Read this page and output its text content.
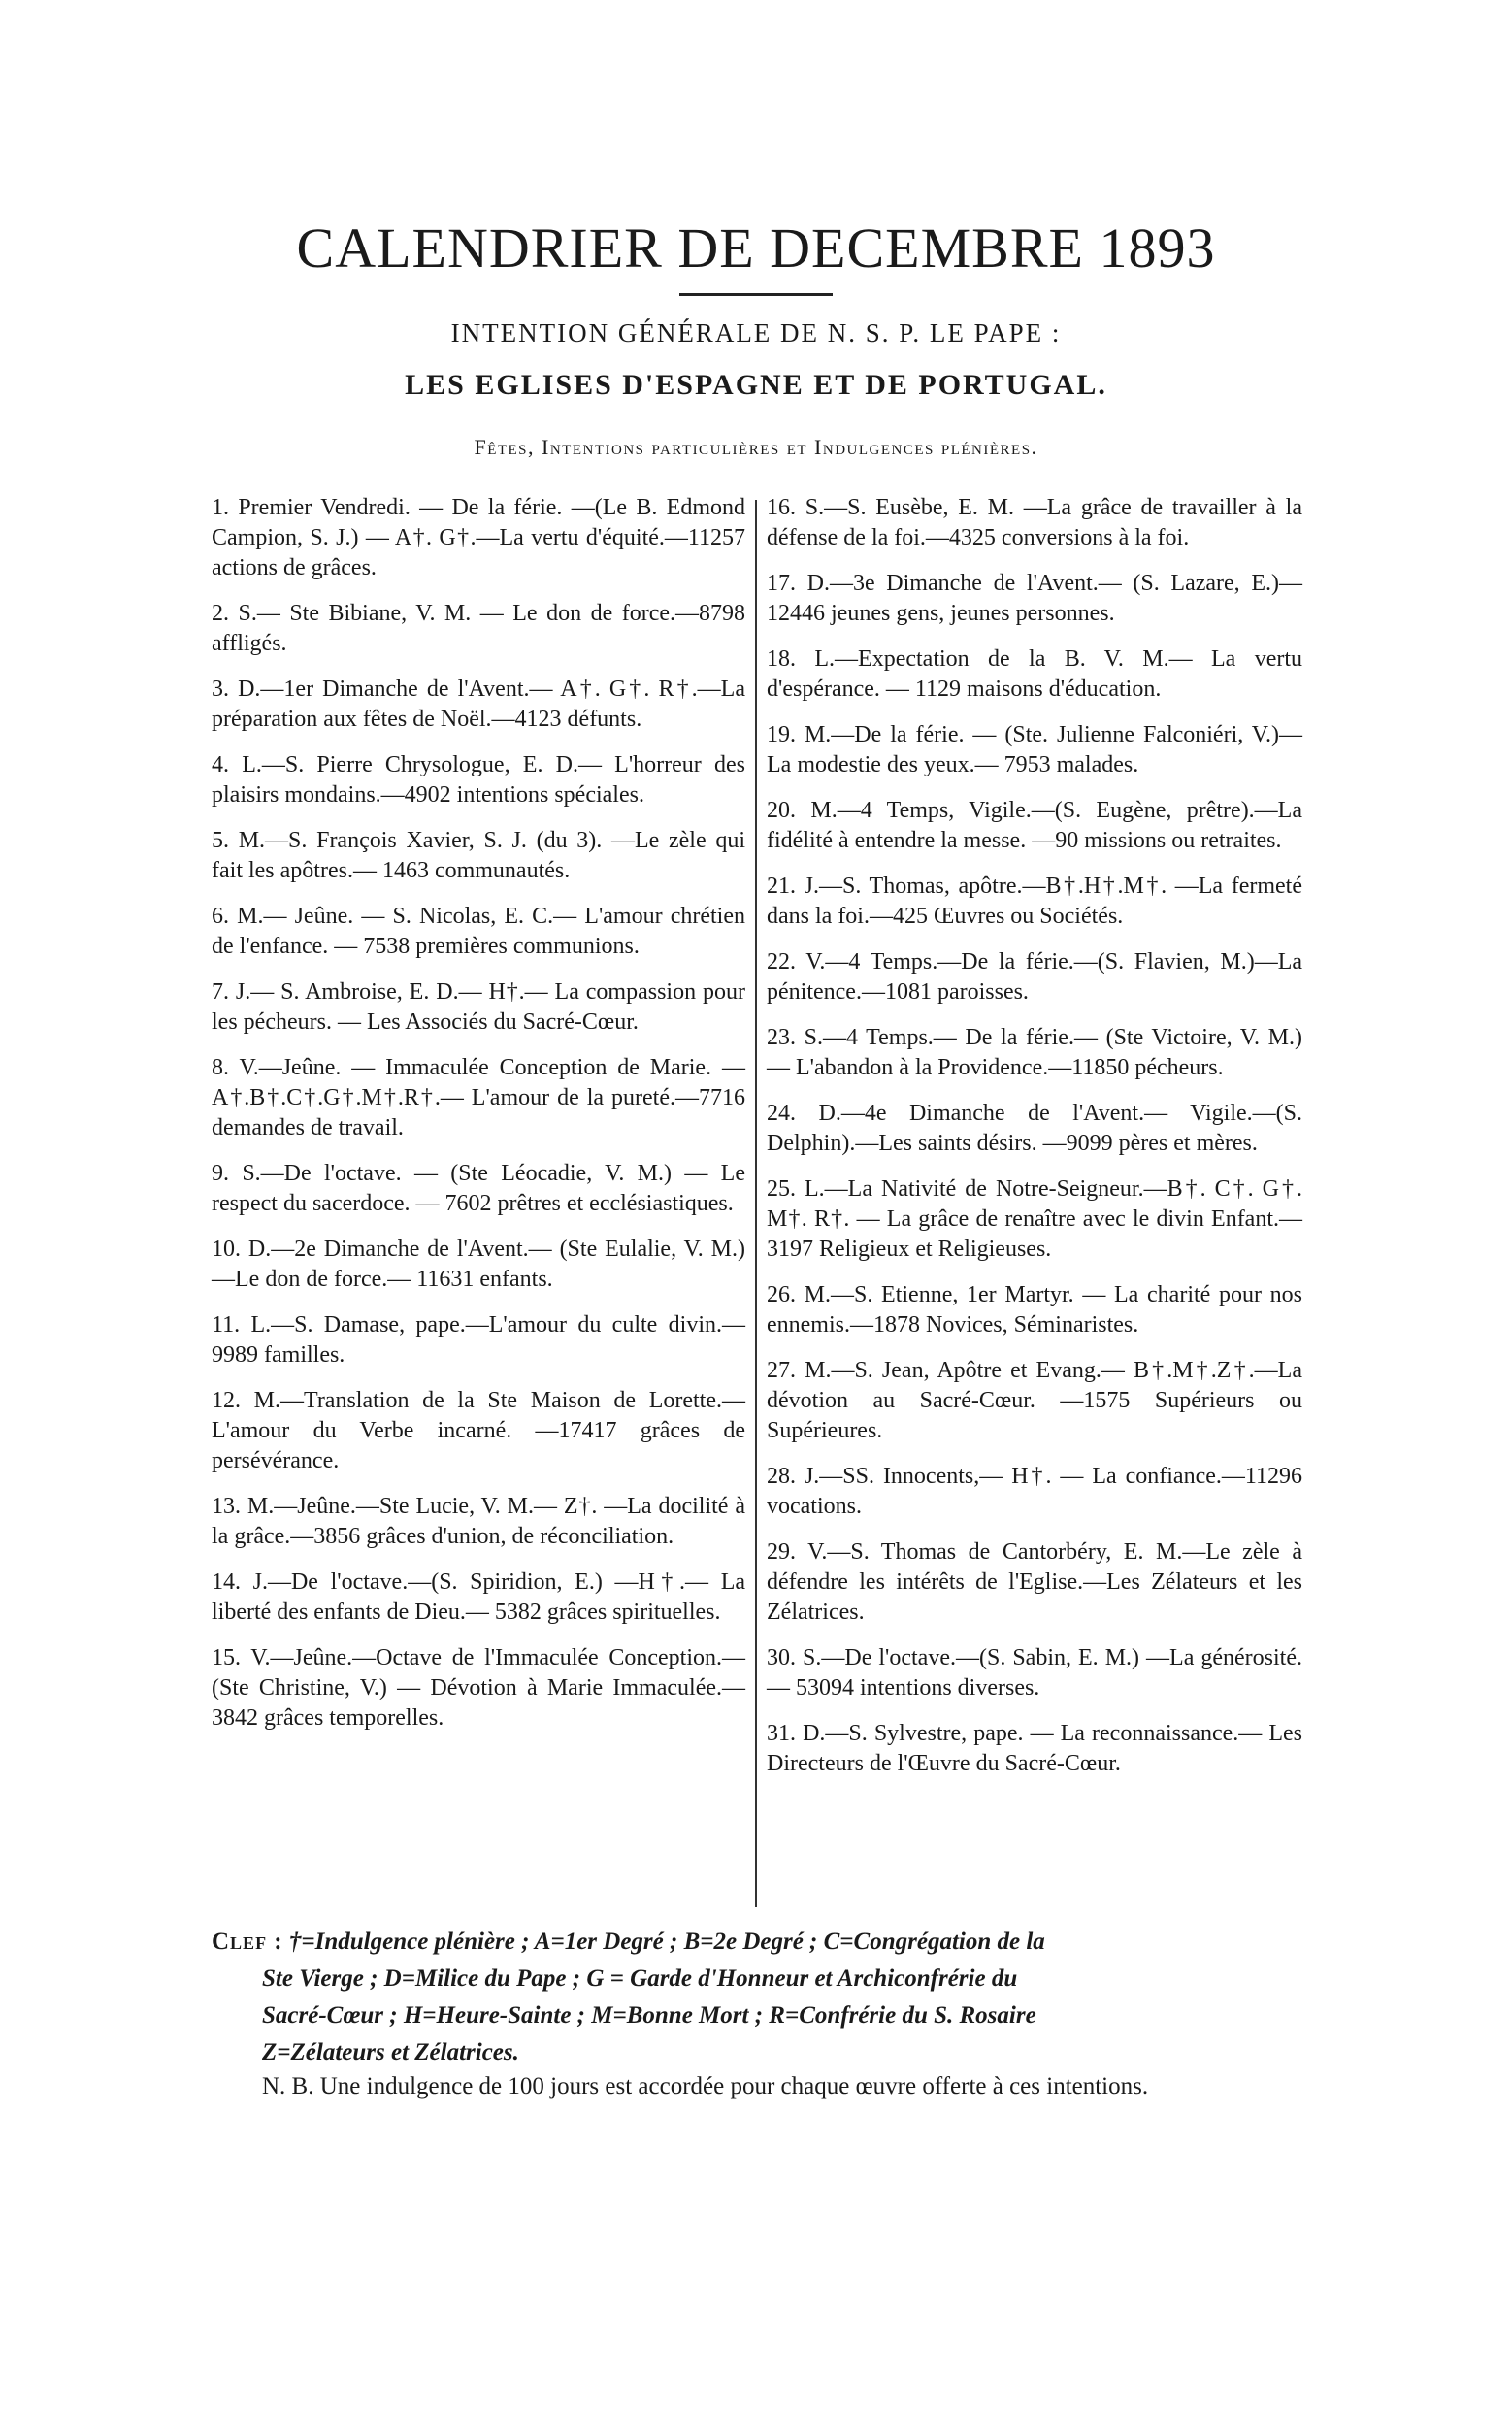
CALENDRIER DE DECEMBRE 1893
INTENTION GÉNÉRALE DE N. S. P. LE PAPE :
LES EGLISES D'ESPAGNE ET DE PORTUGAL.
Fêtes, Intentions particulières et Indulgences plénières.
1. Premier Vendredi. — De la férie. —(Le B. Edmond Campion, S. J.) — A†. G†.—La vertu d'équité.—11257 actions de grâces.
2. S.— Ste Bibiane, V. M. — Le don de force.—8798 affligés.
3. D.—1er Dimanche de l'Avent.— A†. G†. R†.—La préparation aux fêtes de Noël.—4123 défunts.
4. L.—S. Pierre Chrysologue, E. D.— L'horreur des plaisirs mondains.—4902 intentions spéciales.
5. M.—S. François Xavier, S. J. (du 3). —Le zèle qui fait les apôtres.— 1463 communautés.
6. M.— Jeûne. — S. Nicolas, E. C.— L'amour chrétien de l'enfance. — 7538 premières communions.
7. J.— S. Ambroise, E. D.— H†.— La compassion pour les pécheurs. — Les Associés du Sacré-Cœur.
8. V.—Jeûne. — Immaculée Conception de Marie. — A†.B†.C†.G†.M†.R†.— L'amour de la pureté.—7716 demandes de travail.
9. S.—De l'octave. — (Ste Léocadie, V. M.) — Le respect du sacerdoce. — 7602 prêtres et ecclésiastiques.
10. D.—2e Dimanche de l'Avent.— (Ste Eulalie, V. M.) —Le don de force.— 11631 enfants.
11. L.—S. Damase, pape.—L'amour du culte divin.—9989 familles.
12. M.—Translation de la Ste Maison de Lorette.— L'amour du Verbe incarné. —17417 grâces de persévérance.
13. M.—Jeûne.—Ste Lucie, V. M.— Z†. —La docilité à la grâce.—3856 grâces d'union, de réconciliation.
14. J.—De l'octave.—(S. Spiridion, E.) —H†.— La liberté des enfants de Dieu.— 5382 grâces spirituelles.
15. V.—Jeûne.—Octave de l'Immaculée Conception.—(Ste Christine, V.) — Dévotion à Marie Immaculée.— 3842 grâces temporelles.
16. S.—S. Eusèbe, E. M. —La grâce de travailler à la défense de la foi.—4325 conversions à la foi.
17. D.—3e Dimanche de l'Avent.— (S. Lazare, E.)—12446 jeunes gens, jeunes personnes.
18. L.—Expectation de la B. V. M.— La vertu d'espérance. — 1129 maisons d'éducation.
19. M.—De la férie. — (Ste. Julienne Falconiéri, V.)—La modestie des yeux.— 7953 malades.
20. M.—4 Temps, Vigile.—(S. Eugène, prêtre).—La fidélité à entendre la messe. —90 missions ou retraites.
21. J.—S. Thomas, apôtre.—B†.H†.M†. —La fermeté dans la foi.—425 Œuvres ou Sociétés.
22. V.—4 Temps.—De la férie.—(S. Flavien, M.)—La pénitence.—1081 paroisses.
23. S.—4 Temps.— De la férie.— (Ste Victoire, V. M.) — L'abandon à la Providence.—11850 pécheurs.
24. D.—4e Dimanche de l'Avent.— Vigile.—(S. Delphin).—Les saints désirs. —9099 pères et mères.
25. L.—La Nativité de Notre-Seigneur.—B†. C†. G†. M†. R†. — La grâce de renaître avec le divin Enfant.—3197 Religieux et Religieuses.
26. M.—S. Etienne, 1er Martyr. — La charité pour nos ennemis.—1878 Novices, Séminaristes.
27. M.—S. Jean, Apôtre et Evang.— B†.M†.Z†.—La dévotion au Sacré-Cœur. —1575 Supérieurs ou Supérieures.
28. J.—SS. Innocents,— H†. — La confiance.—11296 vocations.
29. V.—S. Thomas de Cantorbéry, E. M.—Le zèle à défendre les intérêts de l'Eglise.—Les Zélateurs et les Zélatrices.
30. S.—De l'octave.—(S. Sabin, E. M.) —La générosité.— 53094 intentions diverses.
31. D.—S. Sylvestre, pape. — La reconnaissance.— Les Directeurs de l'Œuvre du Sacré-Cœur.
Clef : †=Indulgence plénière ; A=1er Degré ; B=2e Degré ; C=Congrégation de la
Ste Vierge ; D=Milice du Pape ; G = Garde d'Honneur et Archiconfrérie du
Sacré-Cœur ; H=Heure-Sainte ; M=Bonne Mort ; R=Confrérie du S. Rosaire
Z=Zélateurs et Zélatrices.
N. B. Une indulgence de 100 jours est accordée pour chaque œuvre offerte à ces intentions.
